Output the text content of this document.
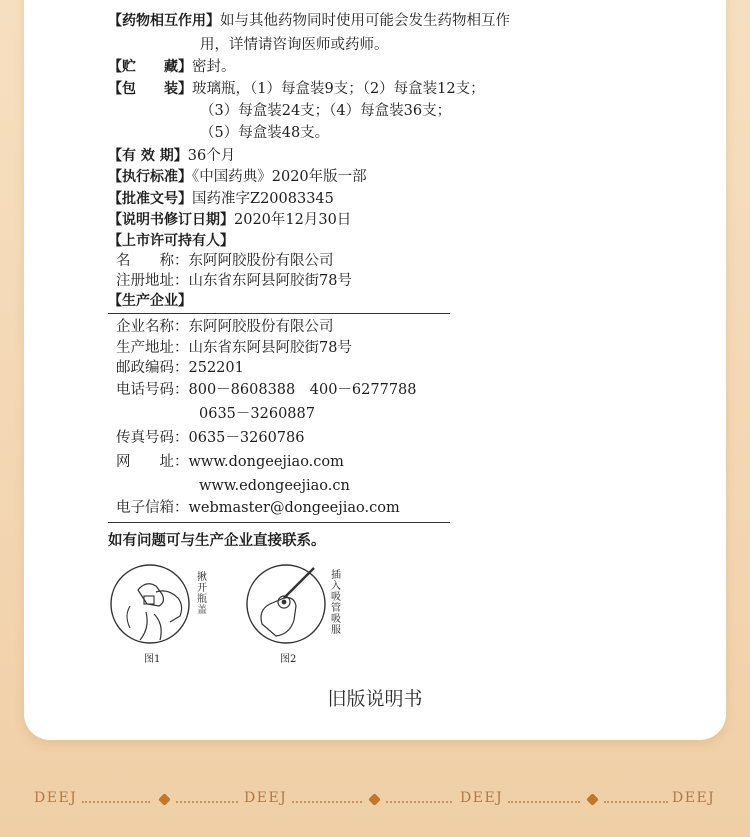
【药物相互作用】如与其他药物同时使用可能会发生药物相互作
用，详情请咨询医师或药师。
【贮　　藏】密封。
【包　　装】玻璃瓶，（1）每盒装9支；（2）每盒装12支；
（3）每盒装24支；（4）每盒装36支；
（5）每盒装48支。
【有 效 期】36个月
【执行标准】《中国药典》2020年版一部
【批准文号】国药准字Z20083345
【说明书修订日期】2020年12月30日
【上市许可持有人】
名　　称：东阿阿胶股份有限公司
注册地址：山东省东阿县阿胶街78号
【生产企业】
企业名称：东阿阿胶股份有限公司
生产地址：山东省东阿县阿胶街78号
邮政编码：252201
电话号码：800－8608388　400－6277788
0635－3260887
传真号码：0635－3260786
网　　址：www.dongeejiao.com
www.edongeejiao.cn
电子信箱：webmaster@dongeejiao.com
如有问题可与生产企业直接联系。
揪开瓶盖
图1
插入吸管吸服
图2
旧版说明书
DEEJ	DEEJ	DEEJ	DEEJ
